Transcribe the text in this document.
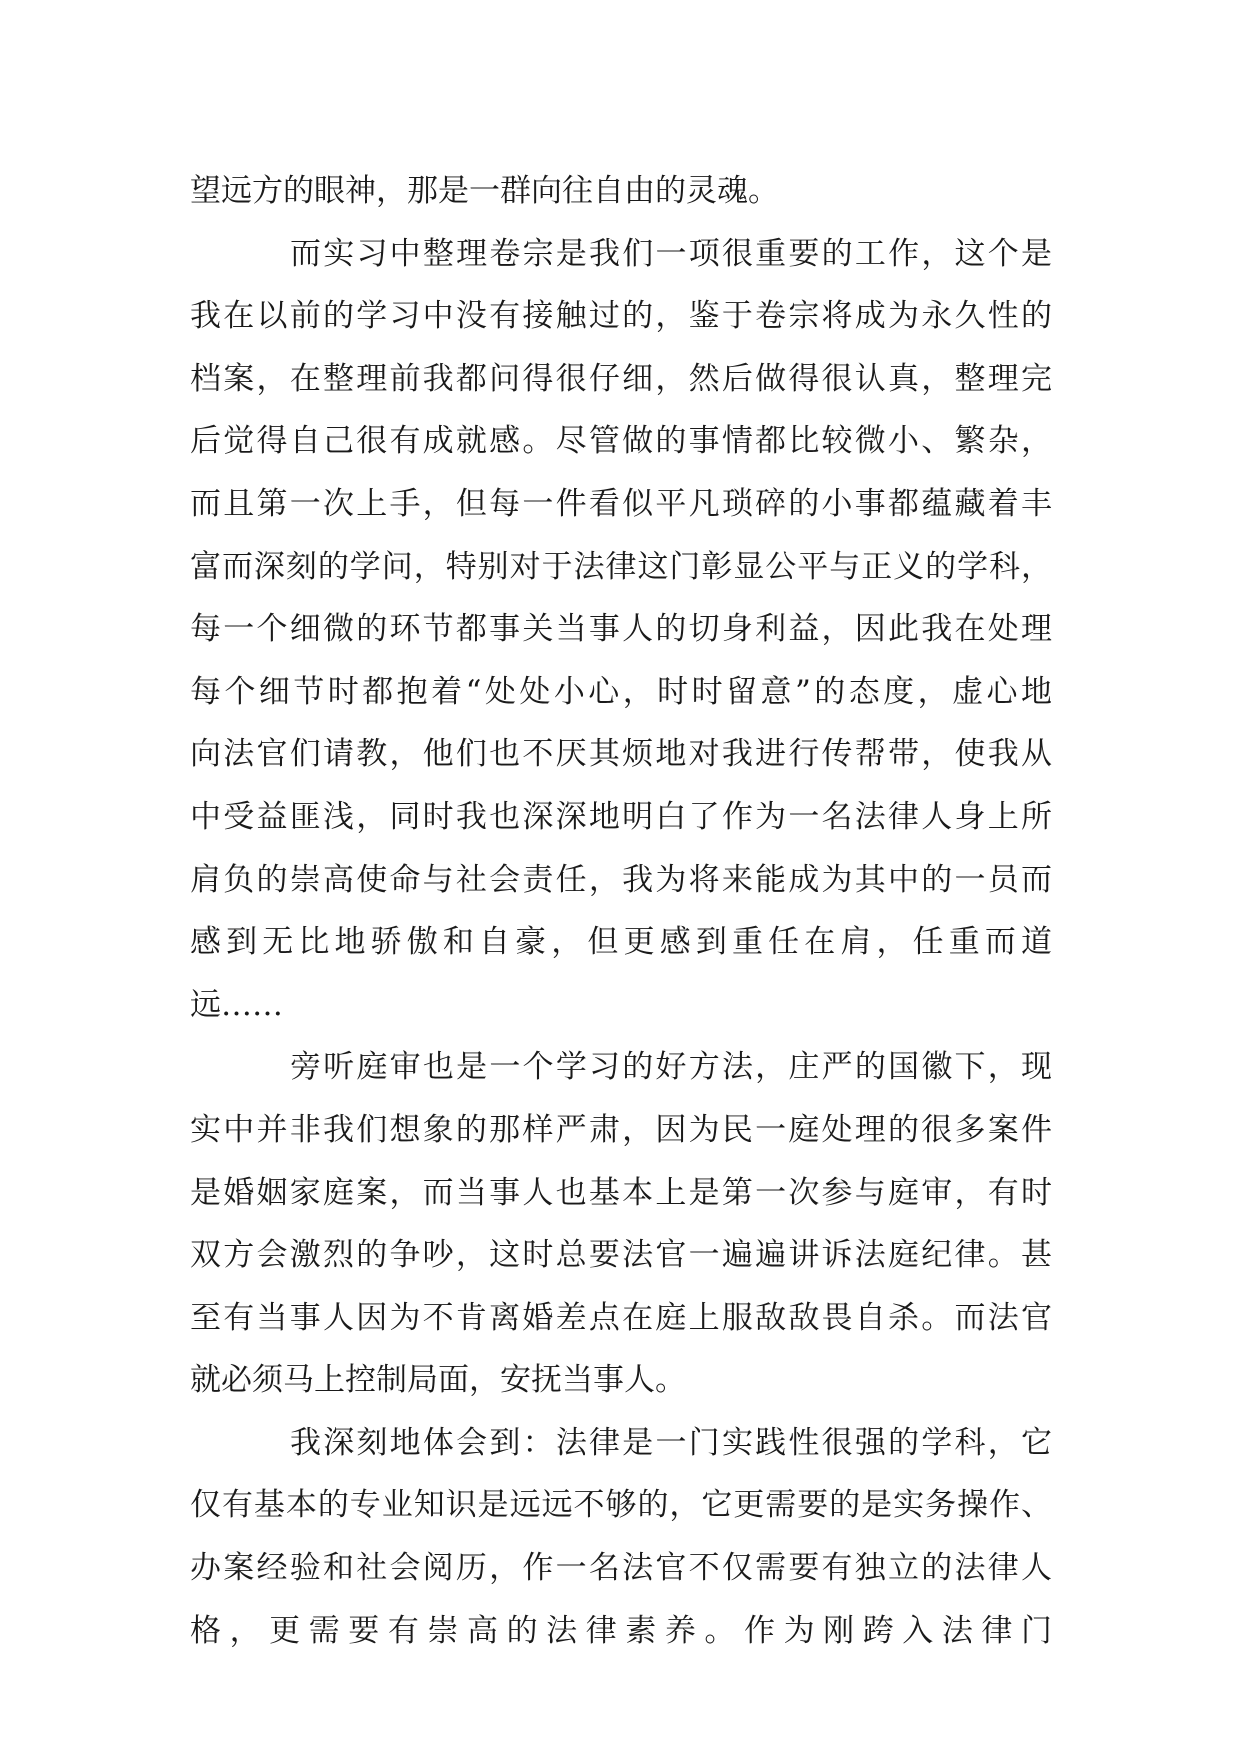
望远方的眼神，那是一群向往自由的灵魂。
而实习中整理卷宗是我们一项很重要的工作，这个是
我在以前的学习中没有接触过的，鉴于卷宗将成为永久性的
档案，在整理前我都问得很仔细，然后做得很认真，整理完
后觉得自己很有成就感。尽管做的事情都比较微小、繁杂，
而且第一次上手，但每一件看似平凡琐碎的小事都蕴藏着丰
富而深刻的学问，特别对于法律这门彰显公平与正义的学科，
每一个细微的环节都事关当事人的切身利益，因此我在处理
每个细节时都抱着“处处小心，时时留意”的态度，虚心地
向法官们请教，他们也不厌其烦地对我进行传帮带，使我从
中受益匪浅，同时我也深深地明白了作为一名法律人身上所
肩负的崇高使命与社会责任，我为将来能成为其中的一员而
感到无比地骄傲和自豪，但更感到重任在肩，任重而道
远……
旁听庭审也是一个学习的好方法，庄严的国徽下，现
实中并非我们想象的那样严肃，因为民一庭处理的很多案件
是婚姻家庭案，而当事人也基本上是第一次参与庭审，有时
双方会激烈的争吵，这时总要法官一遍遍讲诉法庭纪律。甚
至有当事人因为不肯离婚差点在庭上服敌敌畏自杀。而法官
就必须马上控制局面，安抚当事人。
我深刻地体会到：法律是一门实践性很强的学科，它
仅有基本的专业知识是远远不够的，它更需要的是实务操作、
办案经验和社会阅历，作一名法官不仅需要有独立的法律人
格，更需要有崇高的法律素养。作为刚跨入法律门
